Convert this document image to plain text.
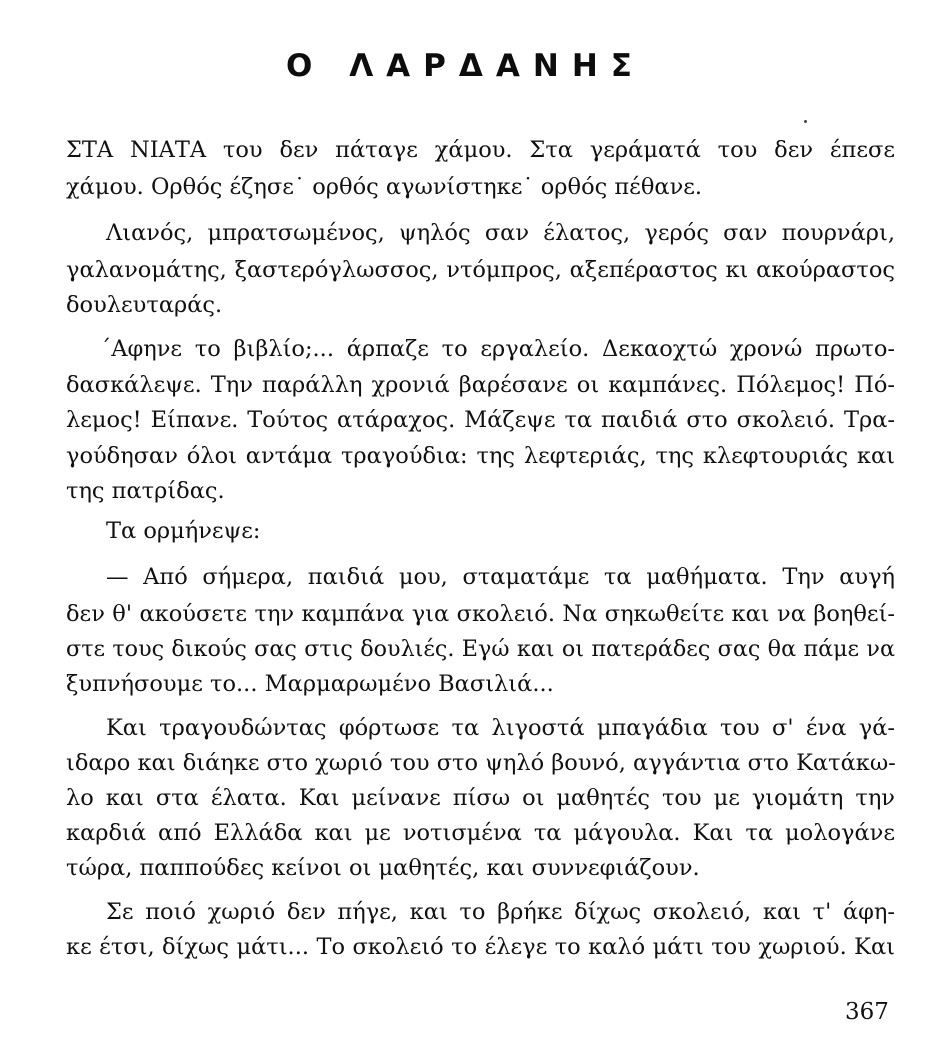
Ο ΛΑΡΔΑΝΗΣ
ΣΤΑ ΝΙΑΤΑ του δεν πάταγε χάμου. Στα γεράματά του δεν έπεσε
χάμου. Ορθός έζησε˙ ορθός αγωνίστηκε˙ ορθός πέθανε.
Λιανός, μπρατσωμένος, ψηλός σαν έλατος, γερός σαν πουρνάρι,
γαλανομάτης, ξαστερόγλωσσος, ντόμπρος, αξεπέραστος κι ακούραστος
δουλευταράς.
΄Αφηνε το βιβλίο;... άρπαζε το εργαλείο. Δεκαοχτώ χρονώ πρωτο-
δασκάλεψε. Την παράλλη χρονιά βαρέσανε οι καμπάνες. Πόλεμος! Πό-
λεμος! Είπανε. Τούτος ατάραχος. Μάζεψε τα παιδιά στο σκολειό. Τρα-
γούδησαν όλοι αντάμα τραγούδια: της λεφτεριάς, της κλεφτουριάς και
της πατρίδας.
Τα ορμήνεψε:
— Από σήμερα, παιδιά μου, σταματάμε τα μαθήματα. Την αυγή
δεν θ' ακούσετε την καμπάνα για σκολειό. Να σηκωθείτε και να βοηθεί-
στε τους δικούς σας στις δουλιές. Εγώ και οι πατεράδες σας θα πάμε να
ξυπνήσουμε το... Μαρμαρωμένο Βασιλιά...
Και τραγουδώντας φόρτωσε τα λιγοστά μπαγάδια του σ' ένα γά-
ιδαρο και διάηκε στο χωριό του στο ψηλό βουνό, αγγάντια στο Κατάκω-
λο και στα έλατα. Και μείνανε πίσω οι μαθητές του με γιομάτη την
καρδιά από Ελλάδα και με νοτισμένα τα μάγουλα. Και τα μολογάνε
τώρα, παππούδες κείνοι οι μαθητές, και συννεφιάζουν.
Σε ποιό χωριό δεν πήγε, και το βρήκε δίχως σκολειό, και τ' άφη-
κε έτσι, δίχως μάτι... Το σκολειό το έλεγε το καλό μάτι του χωριού. Και
367
